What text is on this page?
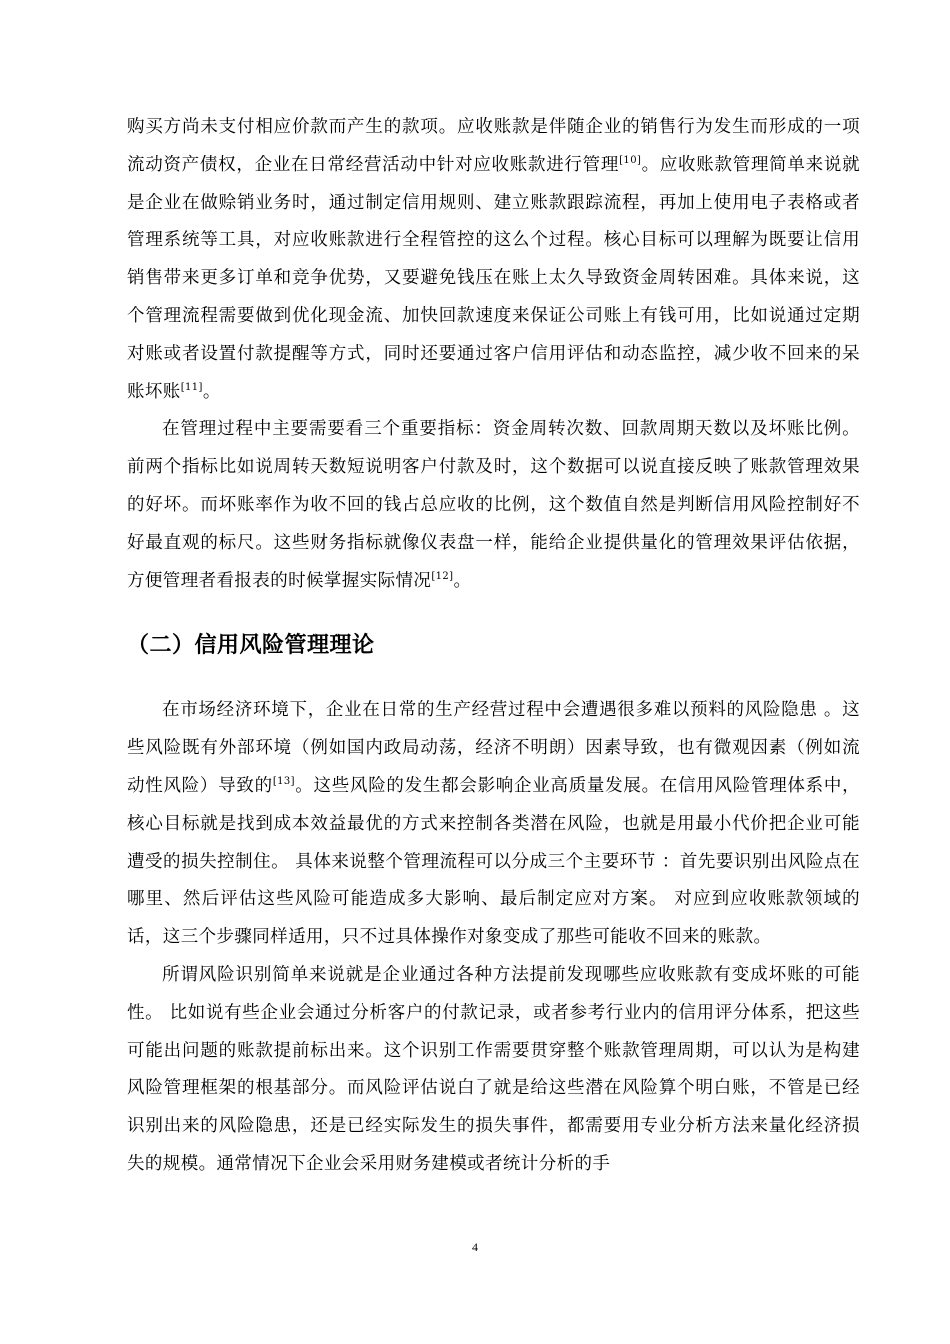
购买方尚未支付相应价款而产生的款项。应收账款是伴随企业的销售行为发生而形成的一项流动资产债权，企业在日常经营活动中针对应收账款进行管理[10]。应收账款管理简单来说就是企业在做赊销业务时，通过制定信用规则、建立账款跟踪流程，再加上使用电子表格或者管理系统等工具，对应收账款进行全程管控的这么个过程。核心目标可以理解为既要让信用销售带来更多订单和竞争优势，又要避免钱压在账上太久导致资金周转困难。具体来说，这个管理流程需要做到优化现金流、加快回款速度来保证公司账上有钱可用，比如说通过定期对账或者设置付款提醒等方式，同时还要通过客户信用评估和动态监控，减少收不回来的呆账坏账[11]。

在管理过程中主要需要看三个重要指标：资金周转次数、回款周期天数以及坏账比例。前两个指标比如说周转天数短说明客户付款及时，这个数据可以说直接反映了账款管理效果的好坏。而坏账率作为收不回的钱占总应收的比例，这个数值自然是判断信用风险控制好不好最直观的标尺。这些财务指标就像仪表盘一样，能给企业提供量化的管理效果评估依据，方便管理者看报表的时候掌握实际情况[12]。

（二）信用风险管理理论

在市场经济环境下，企业在日常的生产经营过程中会遭遇很多难以预料的风险隐患 。这些风险既有外部环境（例如国内政局动荡，经济不明朗）因素导致，也有微观因素（例如流动性风险）导致的[13]。这些风险的发生都会影响企业高质量发展。在信用风险管理体系中，核心目标就是找到成本效益最优的方式来控制各类潜在风险，也就是用最小代价把企业可能遭受的损失控制住。 具体来说整个管理流程可以分成三个主要环节 ：首先要识别出风险点在哪里、然后评估这些风险可能造成多大影响、最后制定应对方案。 对应到应收账款领域的话，这三个步骤同样适用，只不过具体操作对象变成了那些可能收不回来的账款。

所谓风险识别简单来说就是企业通过各种方法提前发现哪些应收账款有变成坏账的可能性。 比如说有些企业会通过分析客户的付款记录，或者参考行业内的信用评分体系，把这些可能出问题的账款提前标出来。这个识别工作需要贯穿整个账款管理周期，可以认为是构建风险管理框架的根基部分。而风险评估说白了就是给这些潜在风险算个明白账，不管是已经识别出来的风险隐患，还是已经实际发生的损失事件，都需要用专业分析方法来量化经济损失的规模。通常情况下企业会采用财务建模或者统计分析的手

4
